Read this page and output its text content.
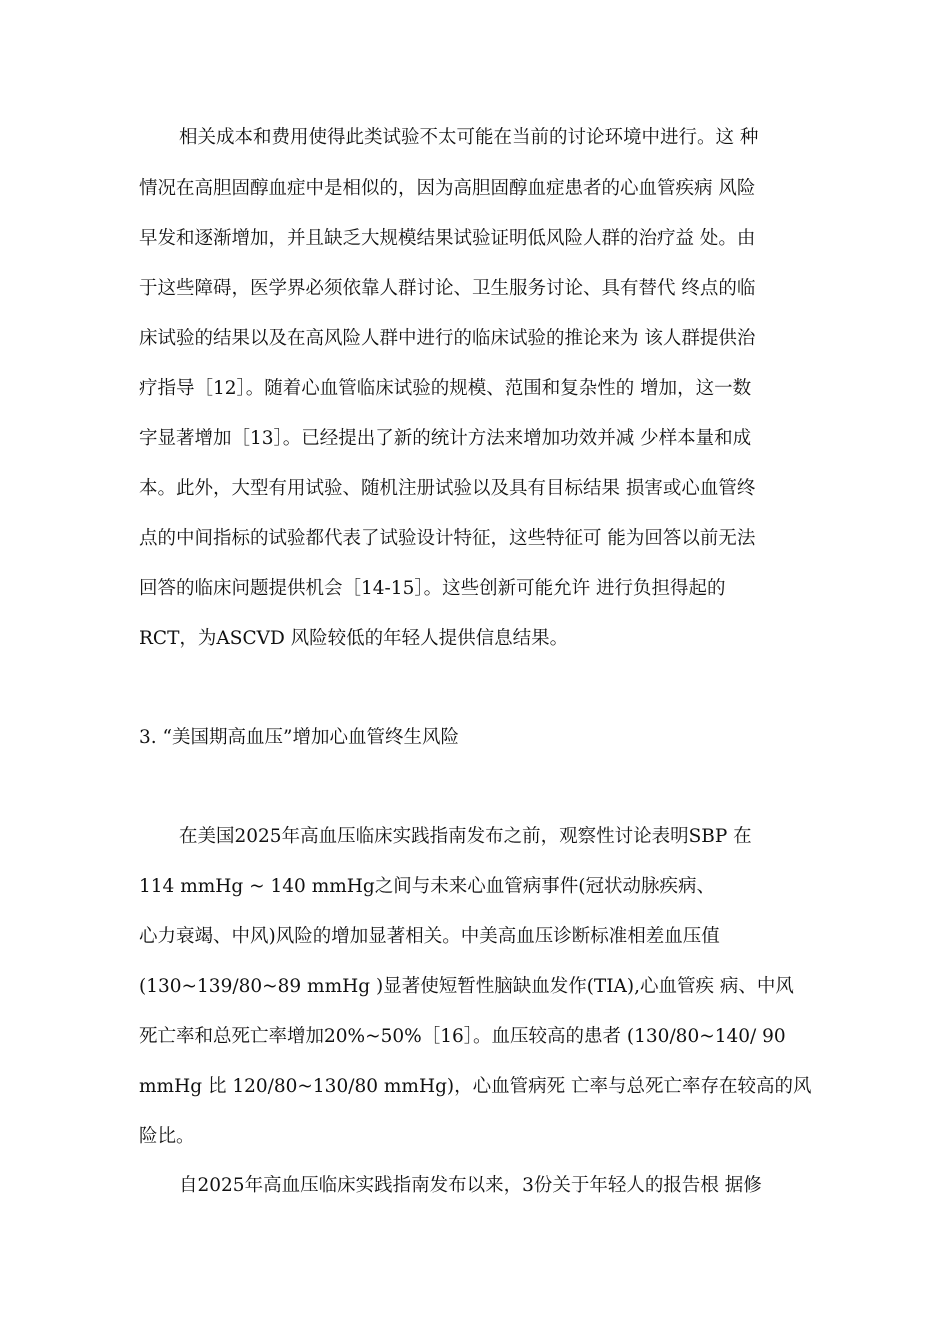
相关成本和费用使得此类试验不太可能在当前的讨论环境中进行。这 种
情况在高胆固醇血症中是相似的，因为高胆固醇血症患者的心血管疾病 风险
早发和逐渐增加，并且缺乏大规模结果试验证明低风险人群的治疗益 处。由
于这些障碍，医学界必须依靠人群讨论、卫生服务讨论、具有替代 终点的临
床试验的结果以及在高风险人群中进行的临床试验的推论来为 该人群提供治
疗指导［12］。随着心血管临床试验的规模、范围和复杂性的 增加，这一数
字显著增加［13］。已经提出了新的统计方法来增加功效并减 少样本量和成
本。此外，大型有用试验、随机注册试验以及具有目标结果 损害或心血管终
点的中间指标的试验都代表了试验设计特征，这些特征可 能为回答以前无法
回答的临床问题提供机会［14-15］。这些创新可能允许 进行负担得起的
RCT，为ASCVD 风险较低的年轻人提供信息结果。
3. “美国期高血压”增加心血管终生风险
在美国2025年高血压临床实践指南发布之前，观察性讨论表明SBP 在
114 mmHg ~ 140 mmHg之间与未来心血管病事件(冠状动脉疾病、
心力衰竭、中风)风险的增加显著相关。中美高血压诊断标准相差血压值
(130~139/80~89 mmHg )显著使短暂性脑缺血发作(TIA),心血管疾 病、中风
死亡率和总死亡率增加20%~50%［16］。血压较高的患者 (130/80~140/ 90
mmHg 比 120/80~130/80 mmHg)，心血管病死 亡率与总死亡率存在较高的风
险比。
自2025年高血压临床实践指南发布以来，3份关于年轻人的报告根 据修
